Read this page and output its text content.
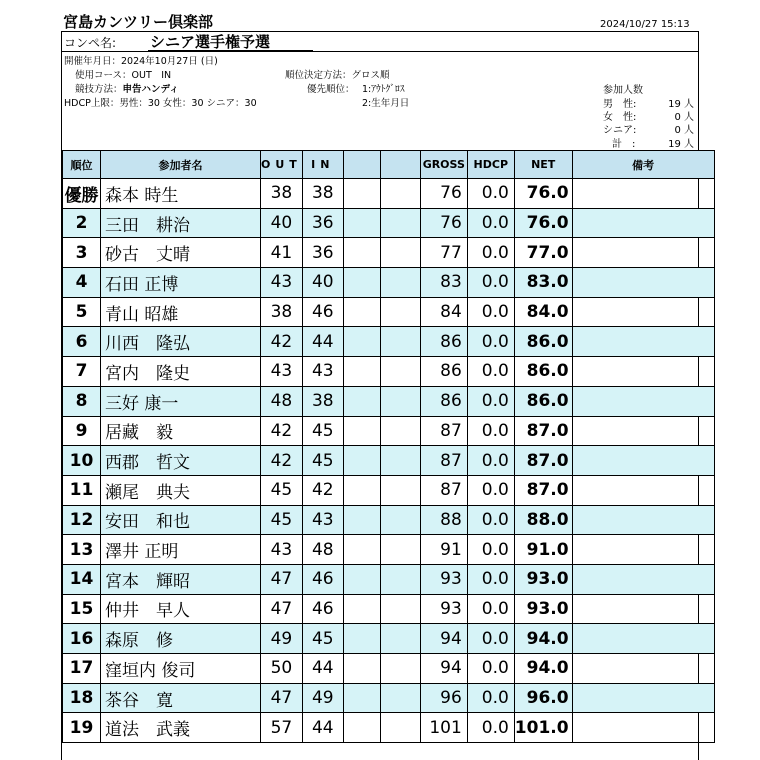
宮島カンツリー倶楽部	2024/10/27 15:13
コンペ名: シニア選手権予選
開催年月日：2024年10月27日 (日)
使用コース：OUT　IN
競技方法：申告ハンディ
HDCP上限：男性：30 女性：30 シニア：30
順位決定方法：グロス順
優先順位： 1:ｱｳﾄｸﾞﾛｽ
2:生年月日
参加人数
男　性:	19 人
女　性:	0 人
シニア:	0 人
計　:	19 人
順位	参加者名	OUT	IN			GROSS	HDCP	NET	備考
優勝	森本 時生	38	38			76	0.0	76.0	
2	三田　耕治	40	36			76	0.0	76.0	
3	砂古　丈晴	41	36			77	0.0	77.0	
4	石田 正博	43	40			83	0.0	83.0	
5	青山 昭雄	38	46			84	0.0	84.0	
6	川西　隆弘	42	44			86	0.0	86.0	
7	宮内　隆史	43	43			86	0.0	86.0	
8	三好 康一	48	38			86	0.0	86.0	
9	居藏　毅	42	45			87	0.0	87.0	
10	西郡　哲文	42	45			87	0.0	87.0	
11	瀬尾　典夫	45	42			87	0.0	87.0	
12	安田　和也	45	43			88	0.0	88.0	
13	澤井 正明	43	48			91	0.0	91.0	
14	宮本　輝昭	47	46			93	0.0	93.0	
15	仲井　早人	47	46			93	0.0	93.0	
16	森原　修	49	45			94	0.0	94.0	
17	窪垣内 俊司	50	44			94	0.0	94.0	
18	茶谷　寛	47	49			96	0.0	96.0	
19	道法　武義	57	44			101	0.0	101.0	
